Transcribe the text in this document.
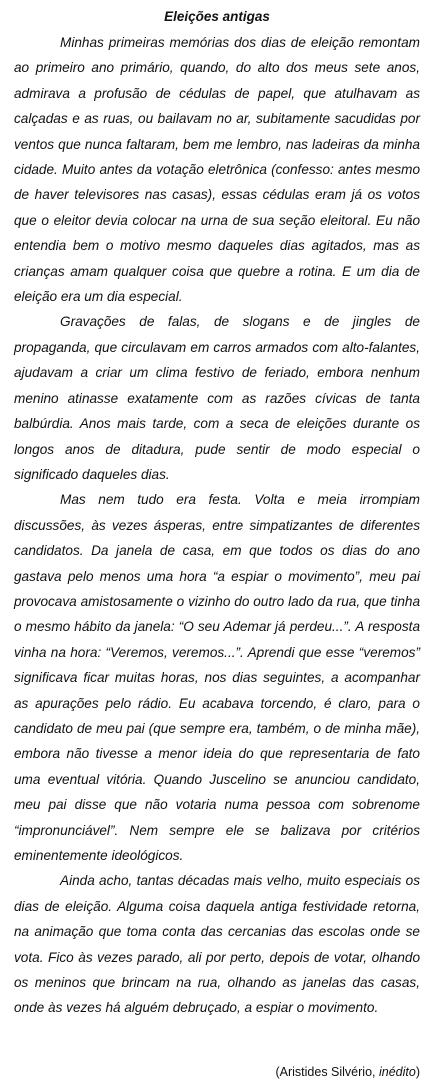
Eleições antigas

Minhas primeiras memórias dos dias de eleição remontam ao primeiro ano primário, quando, do alto dos meus sete anos, admirava a profusão de cédulas de papel, que atulhavam as calçadas e as ruas, ou bailavam no ar, subitamente sacudidas por ventos que nunca faltaram, bem me lembro, nas ladeiras da minha cidade. Muito antes da votação eletrônica (confesso: antes mesmo de haver televisores nas casas), essas cédulas eram já os votos que o eleitor devia colocar na urna de sua seção eleitoral. Eu não entendia bem o motivo mesmo daqueles dias agitados, mas as crianças amam qualquer coisa que quebre a rotina. E um dia de eleição era um dia especial.

Gravações de falas, de slogans e de jingles de propaganda, que circulavam em carros armados com alto-falantes, ajudavam a criar um clima festivo de feriado, embora nenhum menino atinasse exatamente com as razões cívicas de tanta balbúrdia. Anos mais tarde, com a seca de eleições durante os longos anos de ditadura, pude sentir de modo especial o significado daqueles dias.

Mas nem tudo era festa. Volta e meia irrompiam discussões, às vezes ásperas, entre simpatizantes de diferentes candidatos. Da janela de casa, em que todos os dias do ano gastava pelo menos uma hora “a espiar o movimento”, meu pai provocava amistosamente o vizinho do outro lado da rua, que tinha o mesmo hábito da janela: “O seu Ademar já perdeu...”. A resposta vinha na hora: “Veremos, veremos...”. Aprendi que esse “veremos” significava ficar muitas horas, nos dias seguintes, a acompanhar as apurações pelo rádio. Eu acabava torcendo, é claro, para o candidato de meu pai (que sempre era, também, o de minha mãe), embora não tivesse a menor ideia do que representaria de fato uma eventual vitória. Quando Juscelino se anunciou candidato, meu pai disse que não votaria numa pessoa com sobrenome “impronunciável”. Nem sempre ele se balizava por critérios eminentemente ideológicos.

Ainda acho, tantas décadas mais velho, muito especiais os dias de eleição. Alguma coisa daquela antiga festividade retorna, na animação que toma conta das cercanias das escolas onde se vota. Fico às vezes parado, ali por perto, depois de votar, olhando os meninos que brincam na rua, olhando as janelas das casas, onde às vezes há alguém debruçado, a espiar o movimento.

(Aristides Silvério, inédito)
